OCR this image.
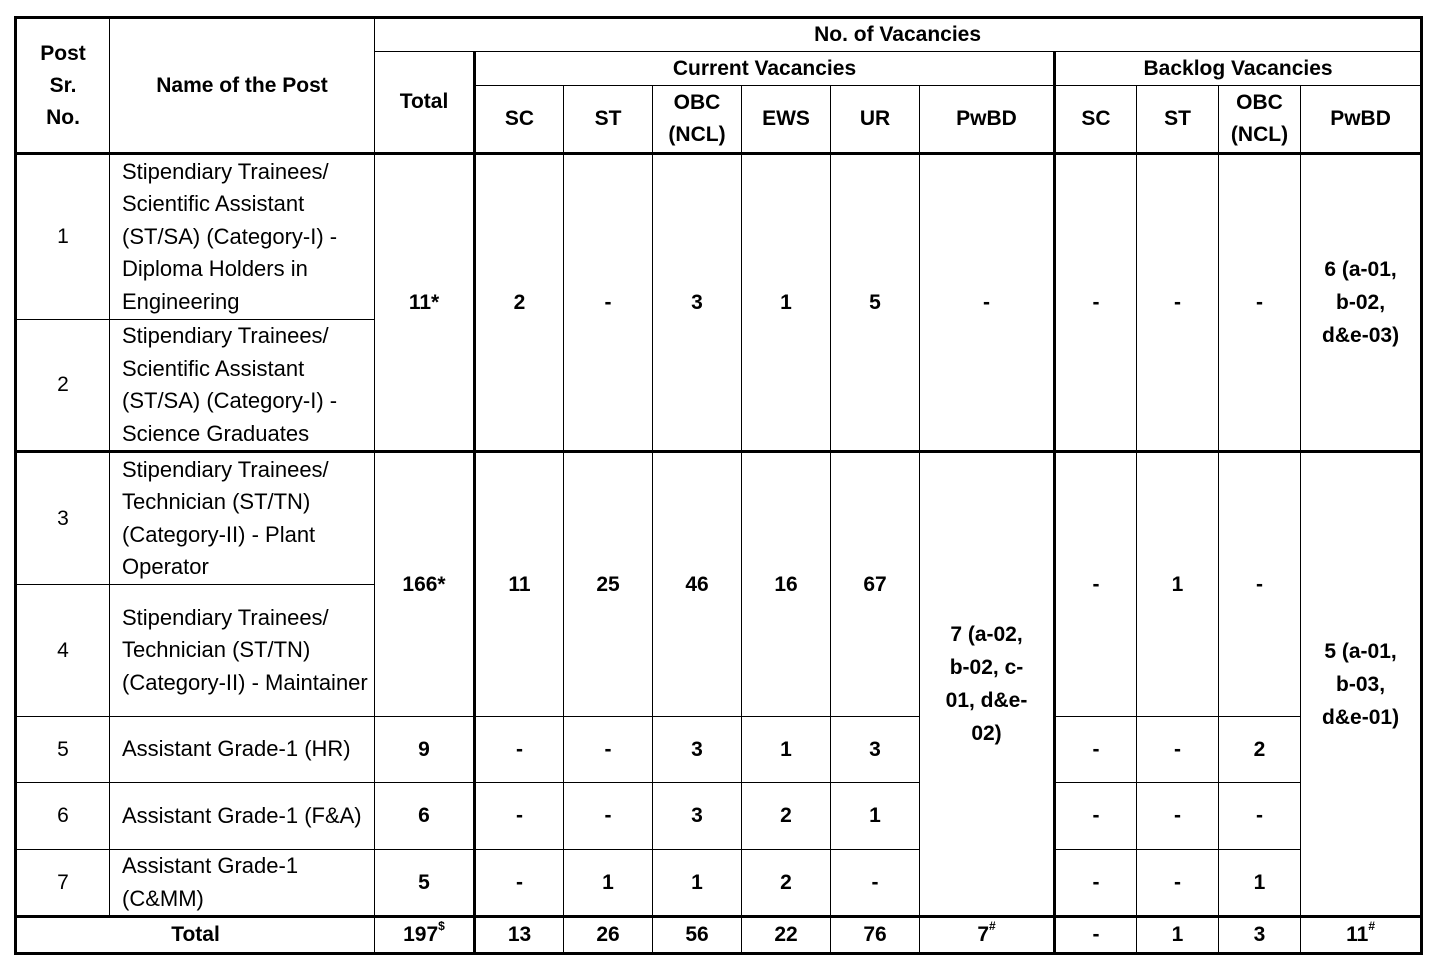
Post Sr. No.	Name of the Post	No. of Vacancies										
		Total	Current Vacancies						Backlog Vacancies			
			SC	ST	OBC (NCL)	EWS	UR	PwBD	SC	ST	OBC (NCL)	PwBD
1	Stipendiary Trainees/ Scientific Assistant (ST/SA) (Category-I) - Diploma Holders in Engineering	11*	2	-	3	1	5	-	-	-	-	6 (a-01, b-02, d&e-03)
2	Stipendiary Trainees/ Scientific Assistant (ST/SA) (Category-I) - Science Graduates											
3	Stipendiary Trainees/ Technician (ST/TN) (Category-II) - Plant Operator	166*	11	25	46	16	67	7 (a-02, b-02, c-01, d&e-02)	-	1	-	5 (a-01, b-03, d&e-01)
4	Stipendiary Trainees/ Technician (ST/TN) (Category-II) - Maintainer											
5	Assistant Grade-1 (HR)	9	-	-	3	1	3		-	-	2	
6	Assistant Grade-1 (F&A)	6	-	-	3	2	1		-	-	-	
7	Assistant Grade-1 (C&MM)	5	-	1	1	2	-		-	-	1	
Total		197$	13	26	56	22	76	7#	-	1	3	11#
